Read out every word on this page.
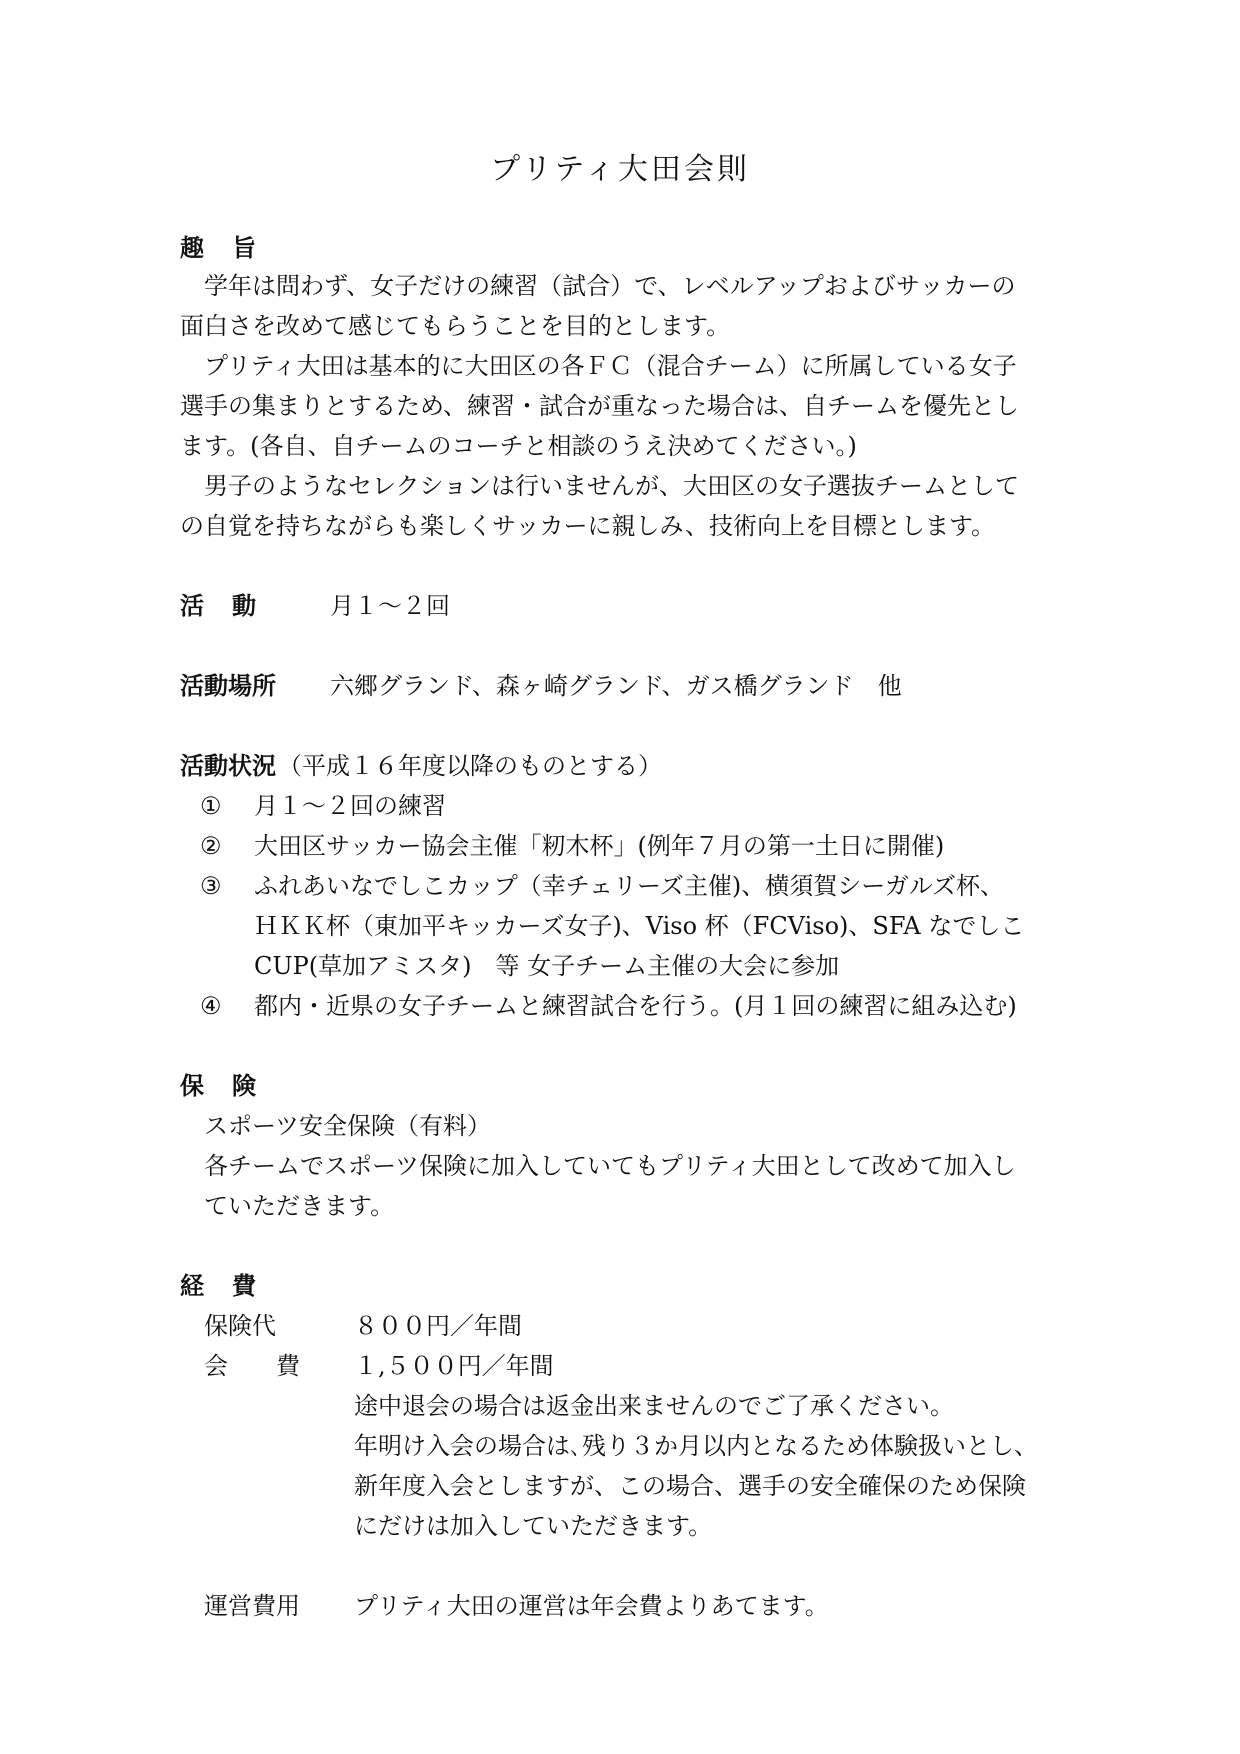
プリティ大田会則
趣旨
学年は問わず、女子だけの練習（試合）で、レベルアップおよびサッカーの
面白さを改めて感じてもらうことを目的とします。
プリティ大田は基本的に大田区の各ＦＣ（混合チーム）に所属している女子
選手の集まりとするため、練習・試合が重なった場合は、自チームを優先とし
ます。(各自、自チームのコーチと相談のうえ決めてください。)
男子のようなセレクションは行いませんが、大田区の女子選抜チームとして
の自覚を持ちながらも楽しくサッカーに親しみ、技術向上を目標とします。
活動 月１～２回
活動場所 六郷グランド、森ヶ崎グランド、ガス橋グランド　他
活動状況 （平成１６年度以降のものとする）
① 月１～２回の練習
② 大田区サッカー協会主催「籾木杯」(例年７月の第一土日に開催)
③ ふれあいなでしこカップ（幸チェリーズ主催)、横須賀シーガルズ杯、
ＨＫＫ杯（東加平キッカーズ女子)、Viso 杯（FCViso)、SFA なでしこ
CUP(草加アミスタ)　等 女子チーム主催の大会に参加
④ 都内・近県の女子チームと練習試合を行う。(月１回の練習に組み込む)
保険
スポーツ安全保険（有料）
各チームでスポーツ保険に加入していてもプリティ大田として改めて加入し
ていただきます。
経費
保険代	８００円／年間
会　　費 １,５００円／年間
途中退会の場合は返金出来ませんのでご了承ください。
年明け入会の場合は､残り３か月以内となるため体験扱いとし、
新年度入会としますが、この場合、選手の安全確保のため保険
にだけは加入していただきます。
運営費用 プリティ大田の運営は年会費よりあてます。
